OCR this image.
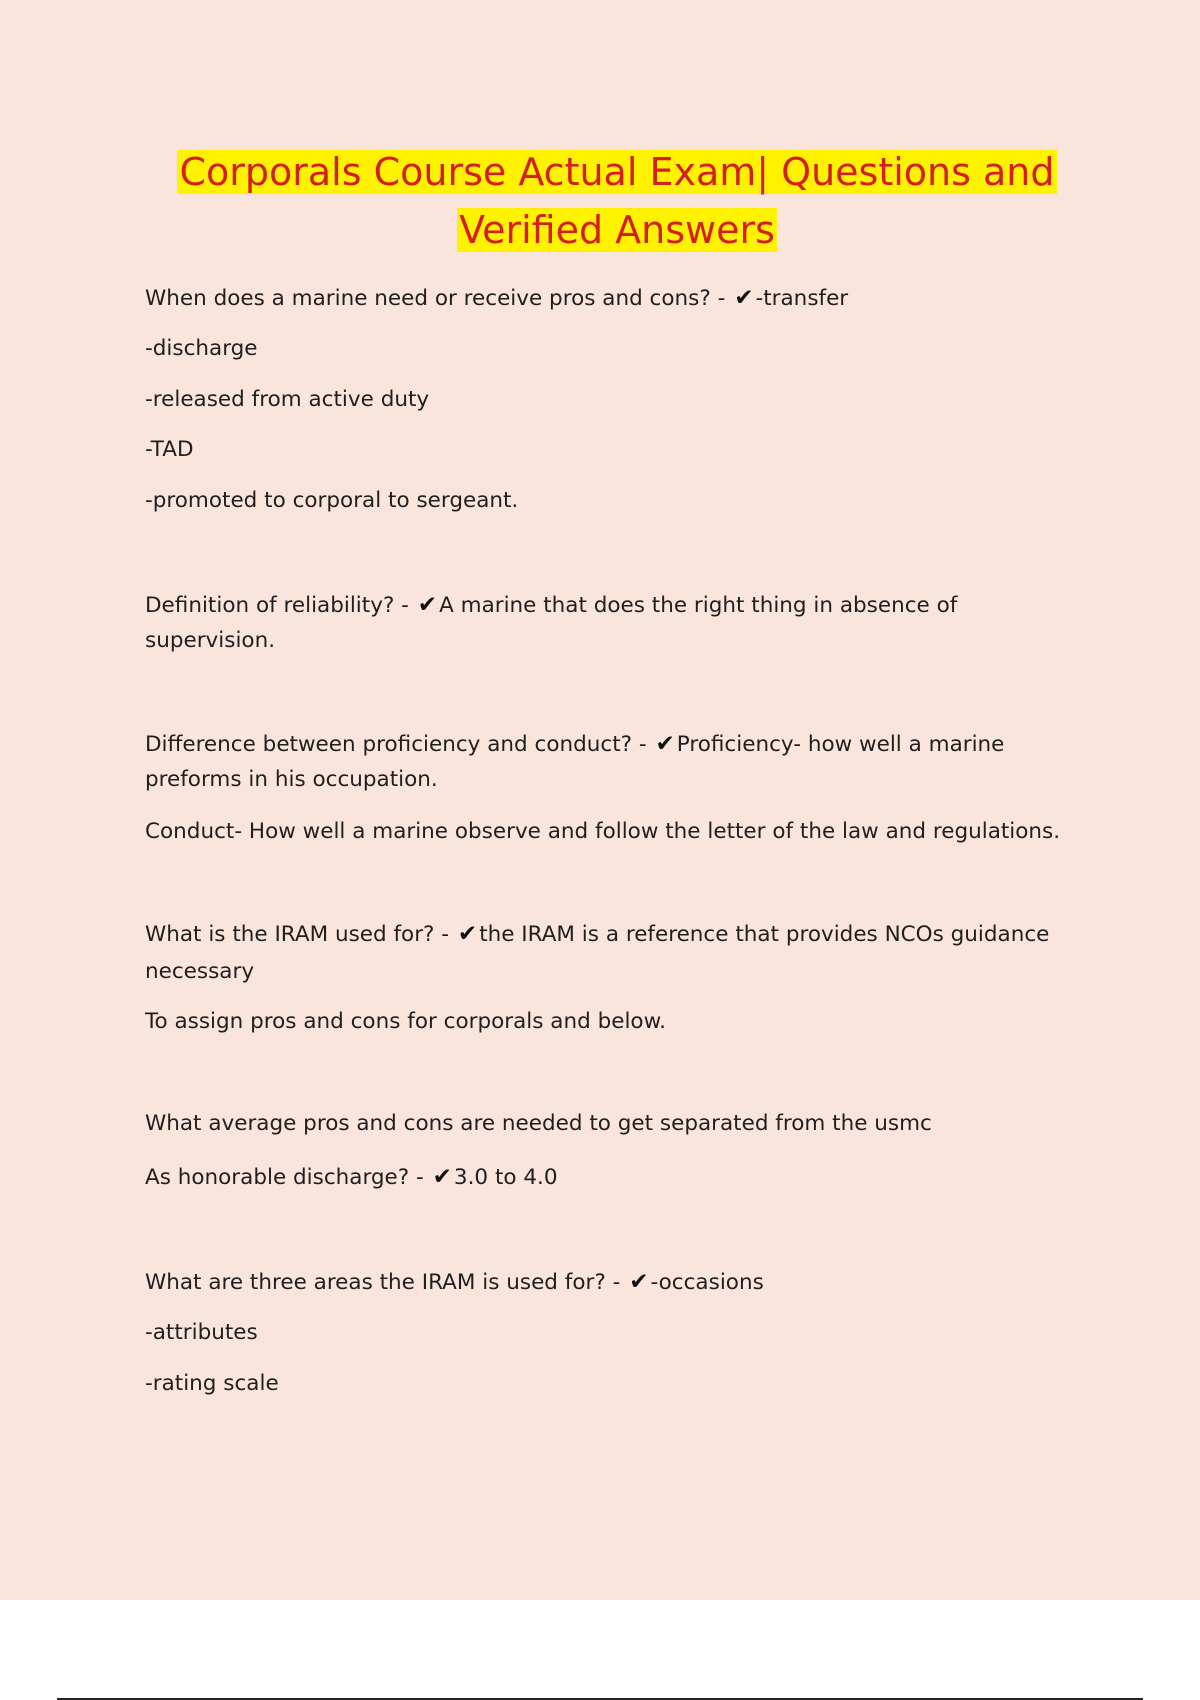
Corporals Course Actual Exam| Questions and
Verified Answers
When does a marine need or receive pros and cons? - ✔-transfer
-discharge
-released from active duty
-TAD
-promoted to corporal to sergeant.
Definition of reliability? - ✔A marine that does the right thing in absence of
supervision.
Difference between proficiency and conduct? - ✔Proficiency- how well a marine
preforms in his occupation.
Conduct- How well a marine observe and follow the letter of the law and regulations.
What is the IRAM used for? - ✔the IRAM is a reference that provides NCOs guidance
necessary
To assign pros and cons for corporals and below.
What average pros and cons are needed to get separated from the usmc
As honorable discharge? - ✔3.0 to 4.0
What are three areas the IRAM is used for? - ✔-occasions
-attributes
-rating scale
